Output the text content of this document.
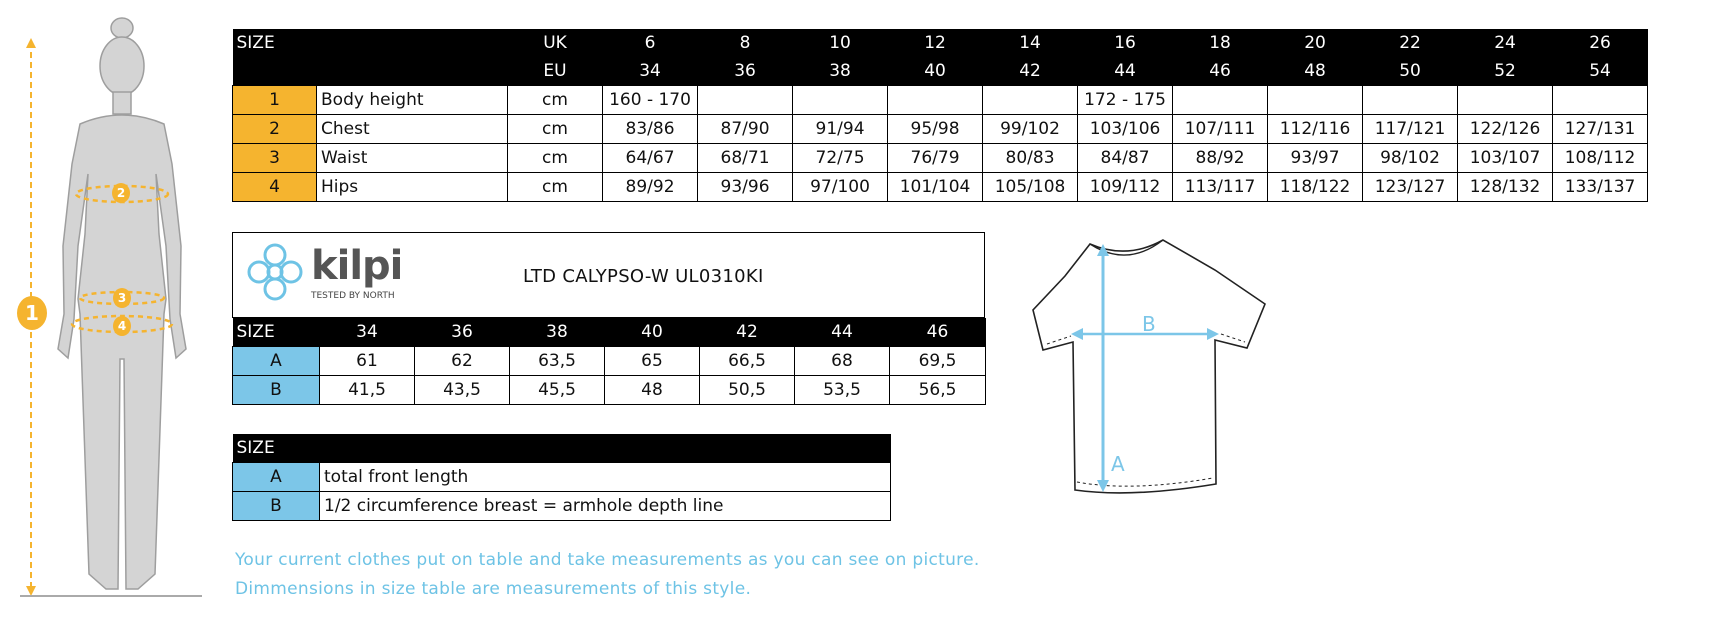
1
2
3
4
SIZE		UK	6	8	10	12	14	16	18	20	22	24	26
		EU	34	36	38	40	42	44	46	48	50	52	54
1	Body height	cm	160 - 170					172 - 175					
2	Chest	cm	83/86	87/90	91/94	95/98	99/102	103/106	107/111	112/116	117/121	122/126	127/131
3	Waist	cm	64/67	68/71	72/75	76/79	80/83	84/87	88/92	93/97	98/102	103/107	108/112
4	Hips	cm	89/92	93/96	97/100	101/104	105/108	109/112	113/117	118/122	123/127	128/132	133/137
kilpi
TESTED BY NORTH
LTD CALYPSO-W UL0310KI
SIZE	34	36	38	40	42	44	46
A	61	62	63,5	65	66,5	68	69,5
B	41,5	43,5	45,5	48	50,5	53,5	56,5
SIZE	
A	total front length
B	1/2 circumference breast = armhole depth line
B
A
Your current clothes put on table and take measurements as you can see on picture.
Dimmensions in size table are measurements of this style.
